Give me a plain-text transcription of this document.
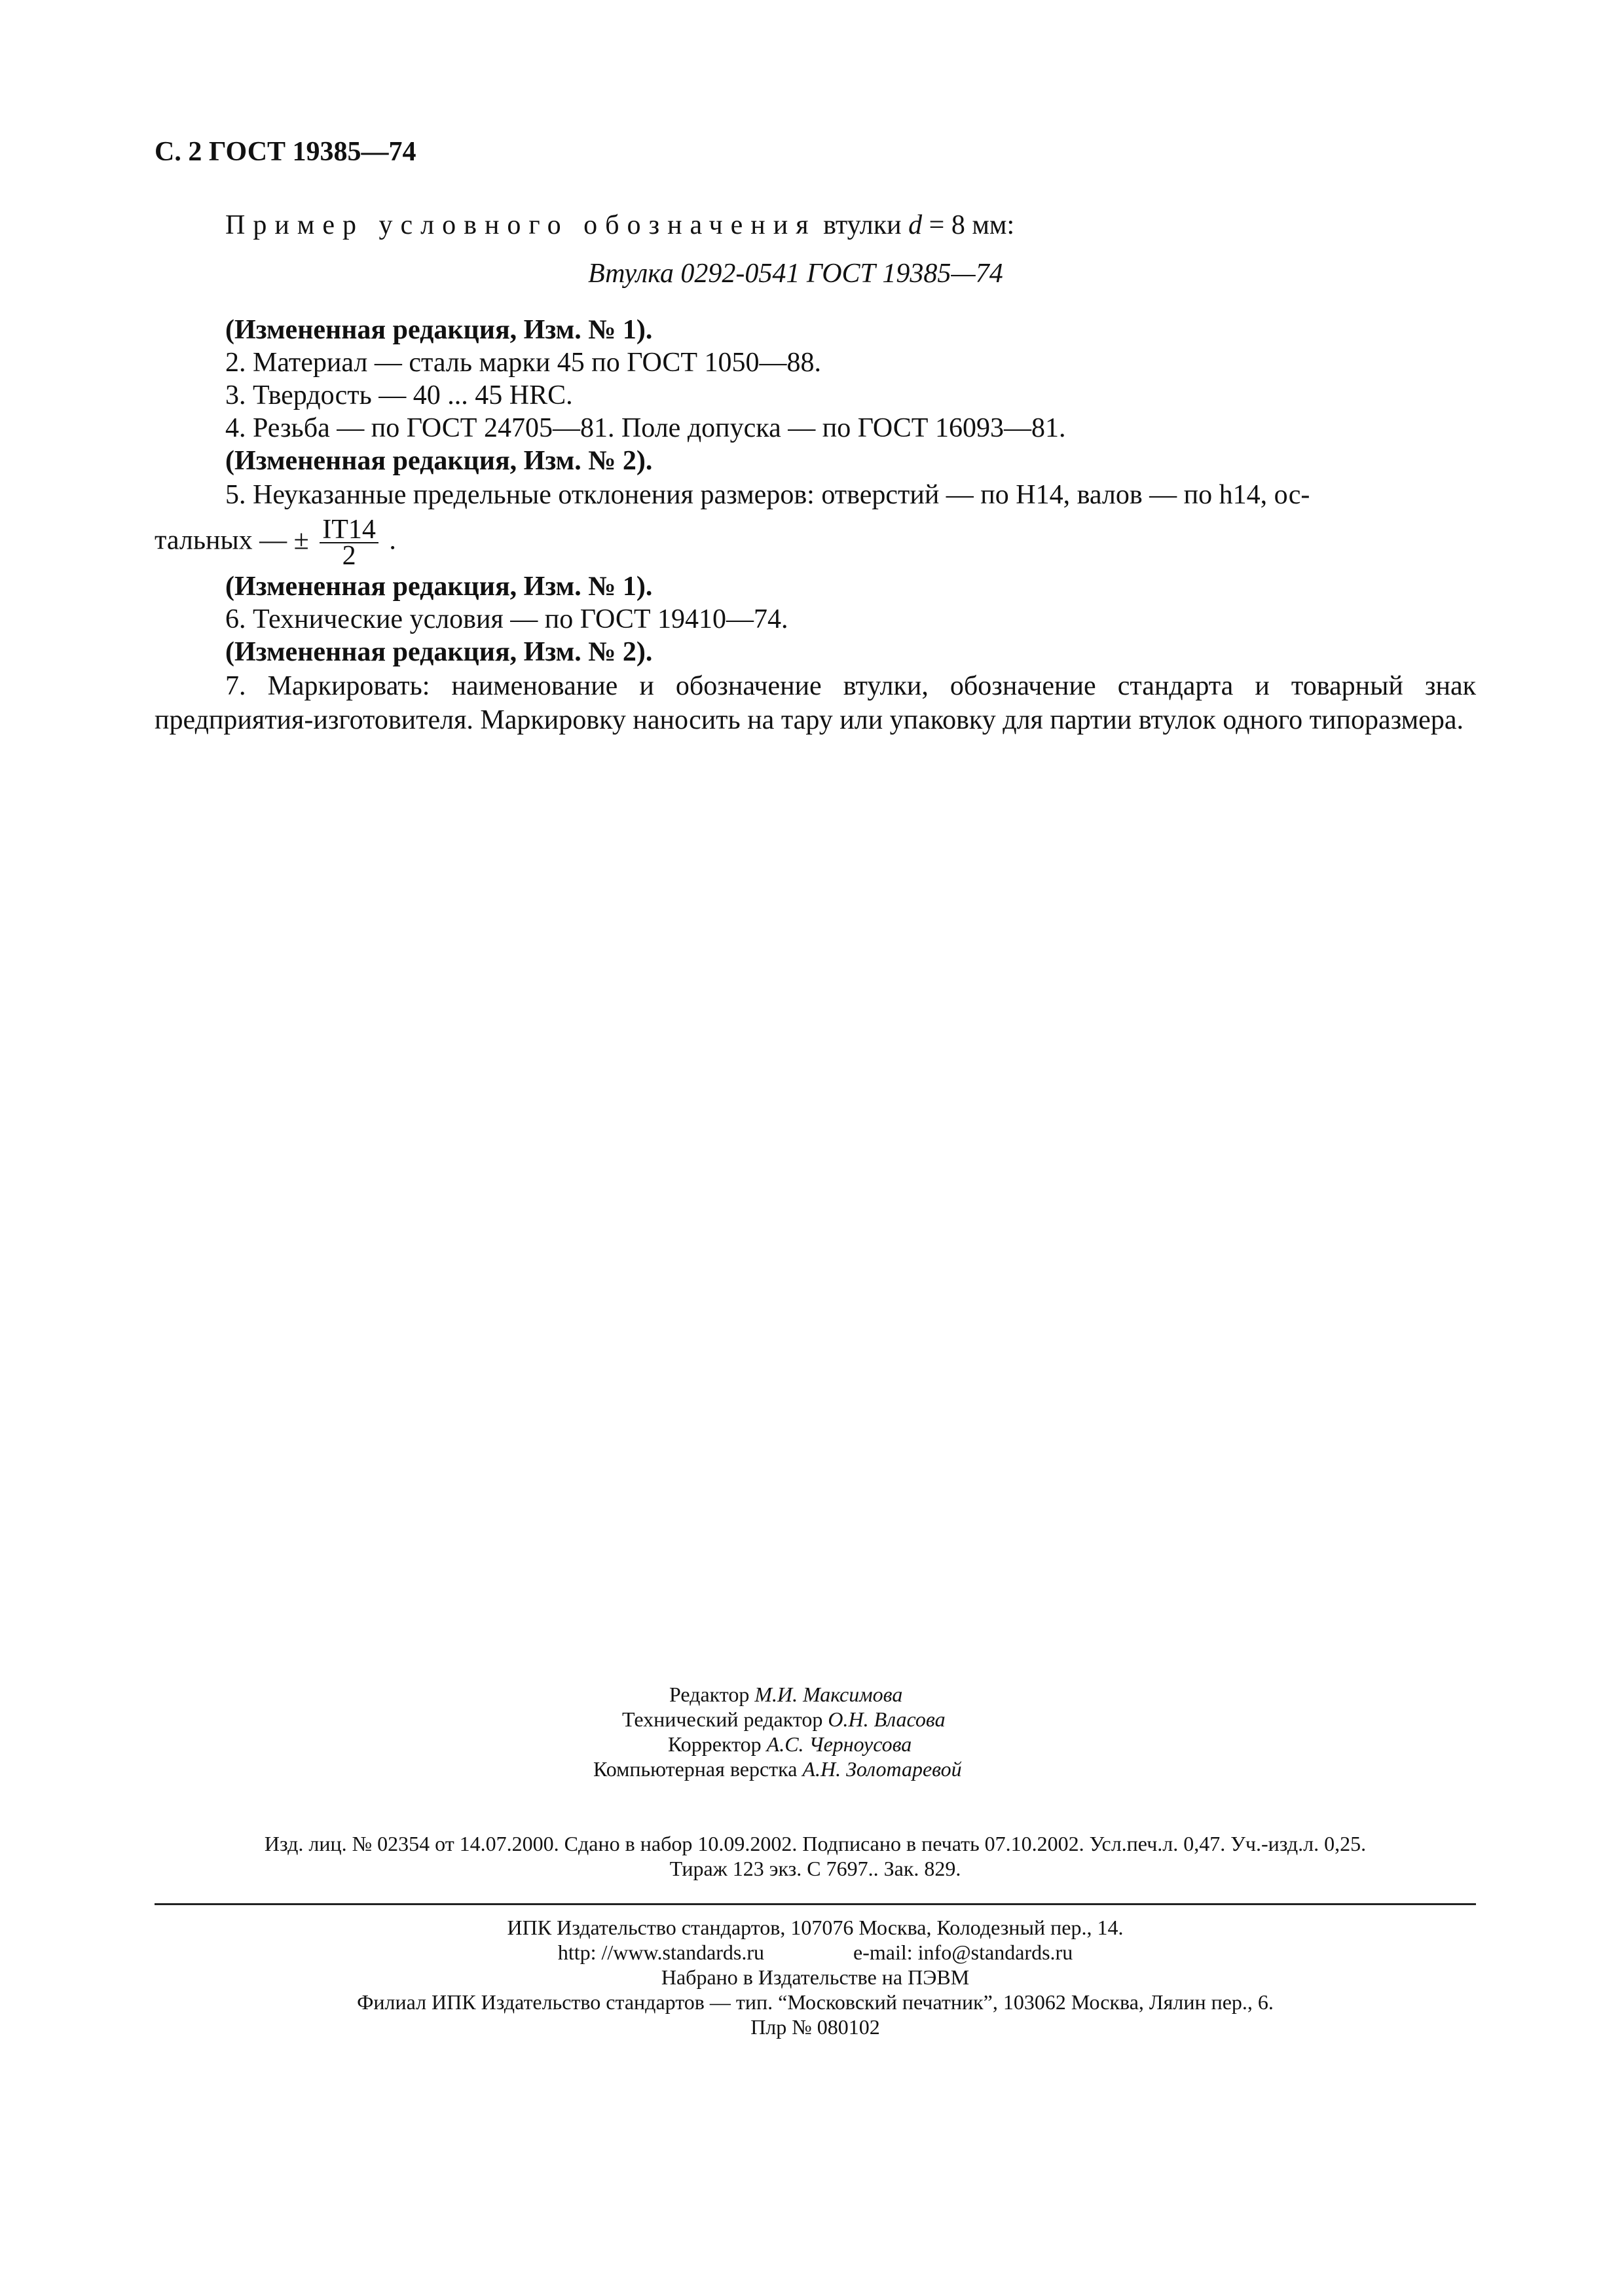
С. 2 ГОСТ 19385—74
Пример условного обозначения втулки d = 8 мм:
Втулка 0292-0541 ГОСТ 19385—74
(Измененная редакция, Изм. № 1).
2. Материал — сталь марки 45 по ГОСТ 1050—88.
3. Твердость — 40 ... 45 HRC.
4. Резьба — по ГОСТ 24705—81. Поле допуска — по ГОСТ 16093—81.
(Измененная редакция, Изм. № 2).
5. Неуказанные предельные отклонения размеров: отверстий — по H14, валов — по h14, ос-
тальных — ± $\frac{IT14}{2}$ .
(Измененная редакция, Изм. № 1).
6. Технические условия — по ГОСТ 19410—74.
(Измененная редакция, Изм. № 2).
7. Маркировать: наименование и обозначение втулки, обозначение стандарта и товарный знак предприятия-изготовителя. Маркировку наносить на тару или упаковку для партии втулок одного типоразмера.
Редактор М.И. Максимова
Технический редактор О.Н. Власова
Корректор А.С. Черноусова
Компьютерная верстка А.Н. Золотаревой
Изд. лиц. № 02354 от 14.07.2000. Сдано в набор 10.09.2002. Подписано в печать 07.10.2002. Усл.печ.л. 0,47. Уч.-изд.л. 0,25.
Тираж 123 экз. С 7697.. Зак. 829.
ИПК Издательство стандартов, 107076 Москва, Колодезный пер., 14.
http: //www.standards.ru	e-mail: info@standards.ru
Набрано в Издательстве на ПЭВМ
Филиал ИПК Издательство стандартов — тип. “Московский печатник”, 103062 Москва, Лялин пер., 6.
Плр № 080102
